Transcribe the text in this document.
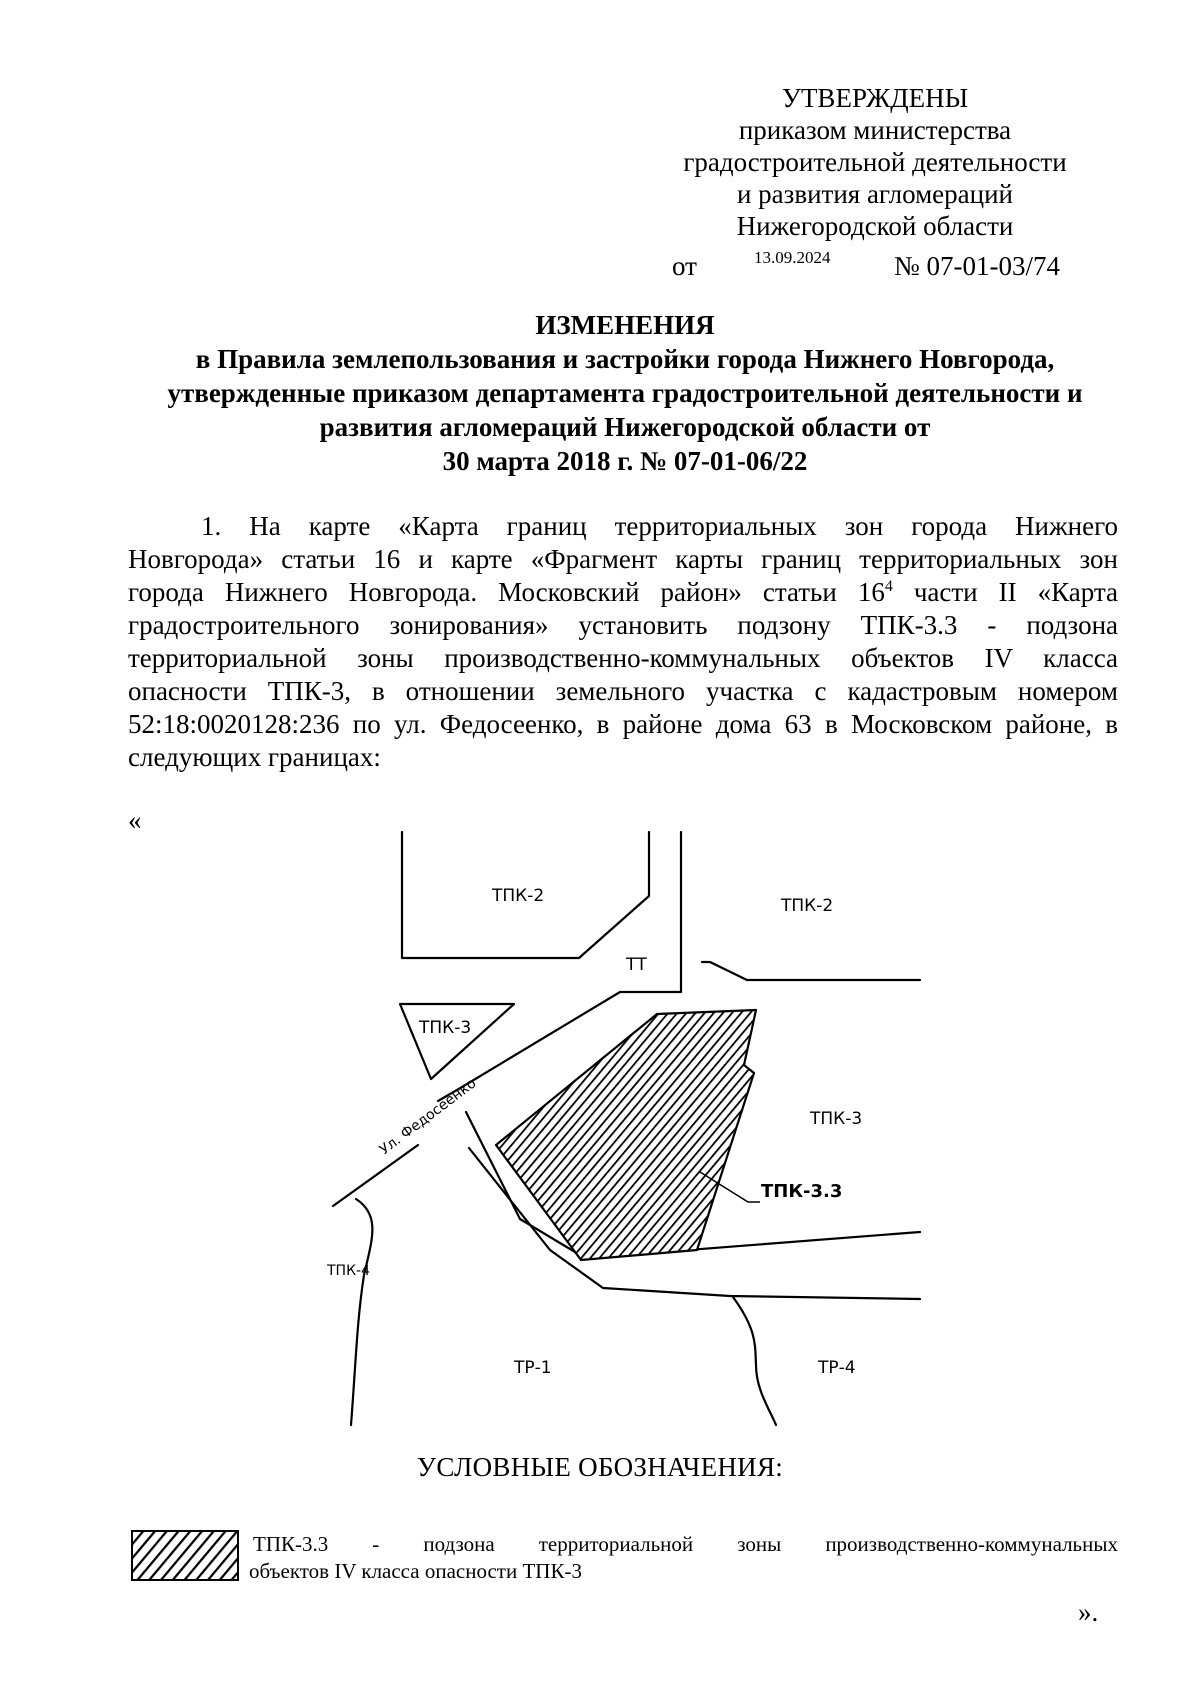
УТВЕРЖДЕНЫ
приказом министерства
градостроительной деятельности
и развития агломераций
Нижегородской области
от	13.09.2024 № 07-01-03/74
ИЗМЕНЕНИЯ
в Правила землепользования и застройки города Нижнего Новгорода,
утвержденные приказом департамента градостроительной деятельности и
развития агломераций Нижегородской области от
30 марта 2018 г. № 07-01-06/22
1. На карте «Карта границ территориальных зон города Нижнего
Новгорода» статьи 16 и карте «Фрагмент карты границ территориальных зон
города Нижнего Новгорода. Московский район» статьи $16^4$ части II «Карта
градостроительного зонирования» установить подзону ТПК-3.3 - подзона
территориальной зоны производственно-коммунальных объектов IV класса
опасности ТПК-3, в отношении земельного участка с кадастровым номером
52:18:0020128:236 по ул. Федосеенко, в районе дома 63 в Московском районе, в
следующих границах:
«
ТПК-2	ТПК-2
ТТ
ТПК-3
ТПК-3
ТПК-3.3
ТПК-4
ТР-1	ТР-4
Ул. Федосеенко
УСЛОВНЫЕ ОБОЗНАЧЕНИЯ:
ТПК-3.3 - подзона территориальной зоны производственно-коммунальных
объектов IV класса опасности ТПК-3
».
